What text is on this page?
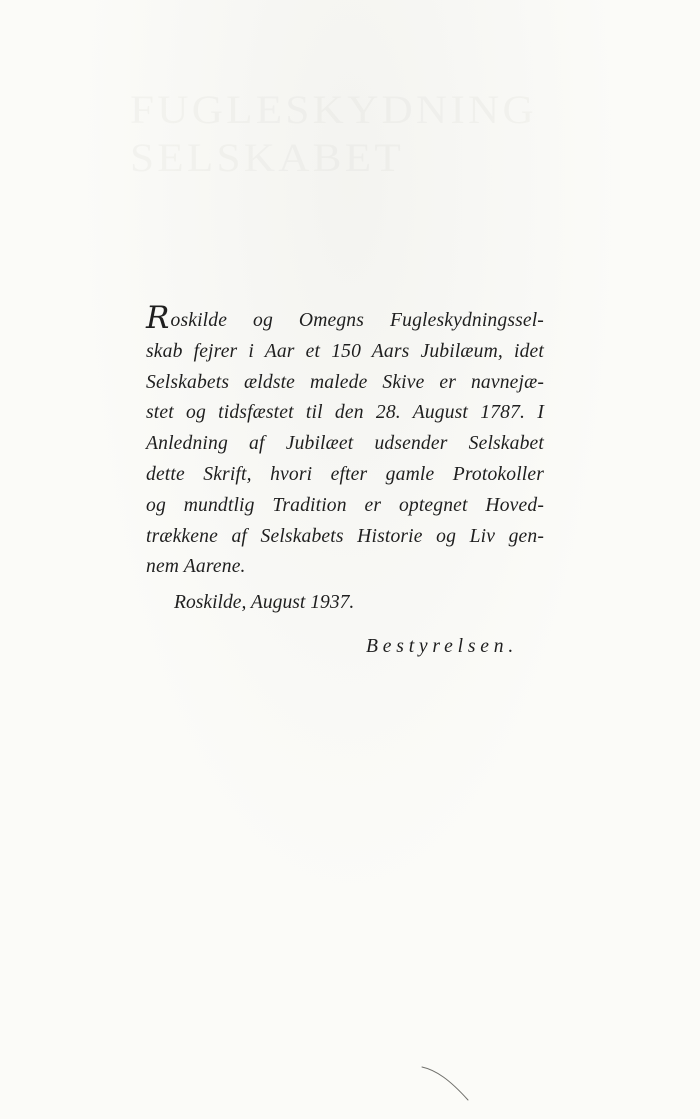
FUGLESKYDNING
SELSKABET
Roskilde og Omegns Fugleskydningssel-
skab fejrer i Aar et 150 Aars Jubilæum, idet
Selskabets ældste malede Skive er navnejæ-
stet og tidsfæstet til den 28. August 1787. I
Anledning af Jubilæet udsender Selskabet
dette Skrift, hvori efter gamle Protokoller
og mundtlig Tradition er optegnet Hoved-
trækkene af Selskabets Historie og Liv gen-
nem Aarene.
Roskilde, August 1937.
Bestyrelsen.
